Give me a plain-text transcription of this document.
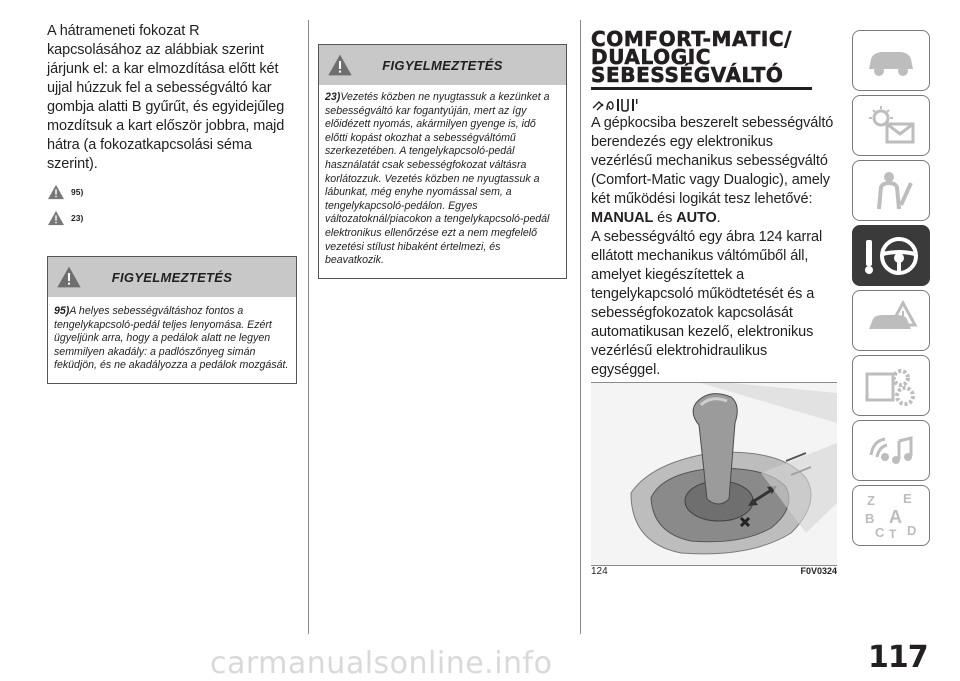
A hátrameneti fokozat R kapcsolásához az alábbiak szerint járjunk el: a kar elmozdítása előtt két ujjal húzzuk fel a sebességváltó kar gombja alatti B gyűrűt, és egyidejűleg mozdítsuk a kart először jobbra, majd hátra (a fokozatkapcsolási séma szerint).

95)
23)
FIGYELMEZTETÉS
95)A helyes sebességváltáshoz fontos a tengelykapcsoló-pedál teljes lenyomása. Ezért ügyeljünk arra, hogy a pedálok alatt ne legyen semmilyen akadály: a padlószőnyeg simán feküdjön, és ne akadályozza a pedálok mozgását.
FIGYELMEZTETÉS
23)Vezetés közben ne nyugtassuk a kezünket a sebességváltó kar fogantyúján, mert az így előidézett nyomás, akármilyen gyenge is, idő előtti kopást okozhat a sebességváltómű szerkezetében. A tengelykapcsoló-pedál használatát csak sebességfokozat váltásra korlátozzuk. Vezetés közben ne nyugtassuk a lábunkat, még enyhe nyomással sem, a tengelykapcsoló-pedálon. Egyes változatoknál/piacokon a tengelykapcsoló-pedál elektronikus ellenőrzése ezt a nem megfelelő vezetési stílust hibaként értelmezi, és beavatkozik.
COMFORT-MATIC/
DUALOGIC
SEBESSÉGVÁLTÓ

A gépkocsiba beszerelt sebességváltó berendezés egy elektronikus vezérlésű mechanikus sebességváltó (Comfort-Matic vagy Dualogic), amely két működési logikát tesz lehetővé:

MANUAL és AUTO.

A sebességváltó egy ábra 124 karral ellátott mechanikus váltóműből áll, amelyet kiegészítettek a tengelykapcsoló működtetését és a sebességfokozatok kapcsolását automatikusan kezelő, elektronikus vezérlésű elektrohidraulikus egységgel.

124	F0V0324
Z E
B A
C T D
117
carmanualsonline.info
